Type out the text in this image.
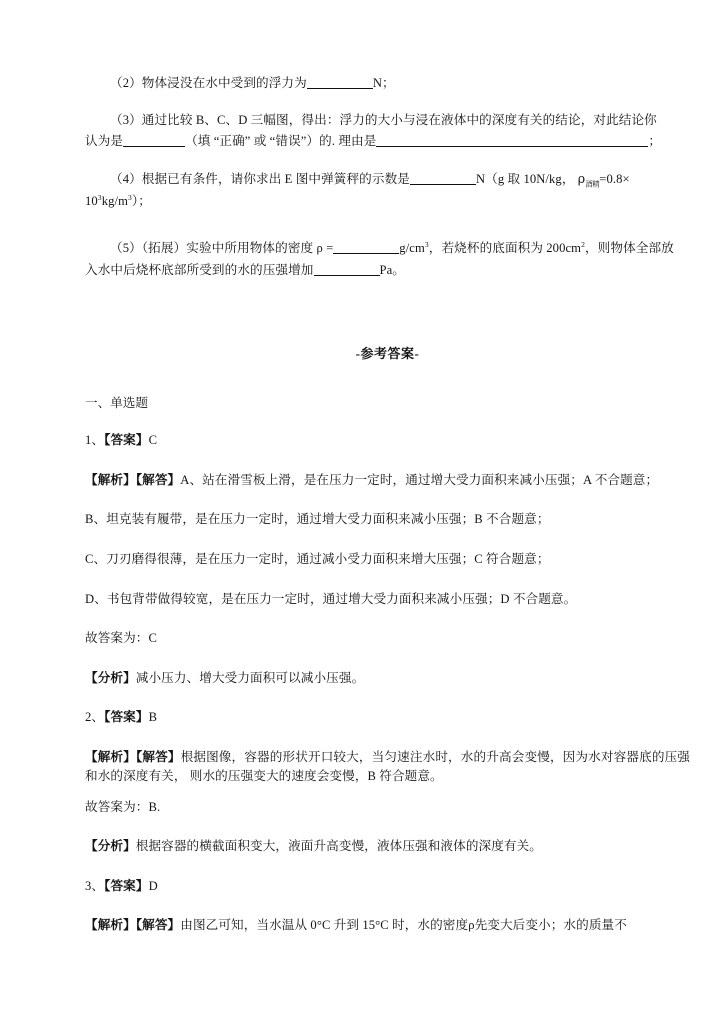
（2）物体浸没在水中受到的浮力为	N；

（3）通过比较 B、C、D 三幅图，得出：浮力的大小与浸在液体中的深度有关的结论，对此结论你

认为是	（填 “正确” 或 “错误”）的. 理由是	；

（4）根据已有条件，请你求出 E 图中弹簧秤的示数是	N（g 取 10N/kg， $\rho_{酒精}=0.8\times$

$10^3kg/m^3$）；

（5）（拓展）实验中所用物体的密度 ρ =	$g/cm^3$，若烧杯的底面积为 $200cm^2$，则物体全部放

入水中后烧杯底部所受到的水的压强增加	Pa。

-参考答案-

一、单选题

1、【答案】C

【解析】【解答】A、站在滑雪板上滑，是在压力一定时，通过增大受力面积来减小压强；A 不合题意；

B、坦克装有履带，是在压力一定时，通过增大受力面积来减小压强；B 不合题意；

C、刀刃磨得很薄，是在压力一定时，通过减小受力面积来增大压强；C 符合题意；

D、书包背带做得较宽，是在压力一定时，通过增大受力面积来减小压强；D 不合题意。

故答案为：C

【分析】减小压力、增大受力面积可以减小压强。

2、【答案】B

【解析】【解答】根据图像，容器的形状开口较大，当匀速注水时，水的升高会变慢，因为水对容器底的压强和水的深度有关， 则水的压强变大的速度会变慢，B 符合题意。

故答案为：B.

【分析】根据容器的横截面积变大，液面升高变慢，液体压强和液体的深度有关。

3、【答案】D

【解析】【解答】由图乙可知，当水温从 0°C 升到 15°C 时，水的密度ρ先变大后变小；水的质量不
